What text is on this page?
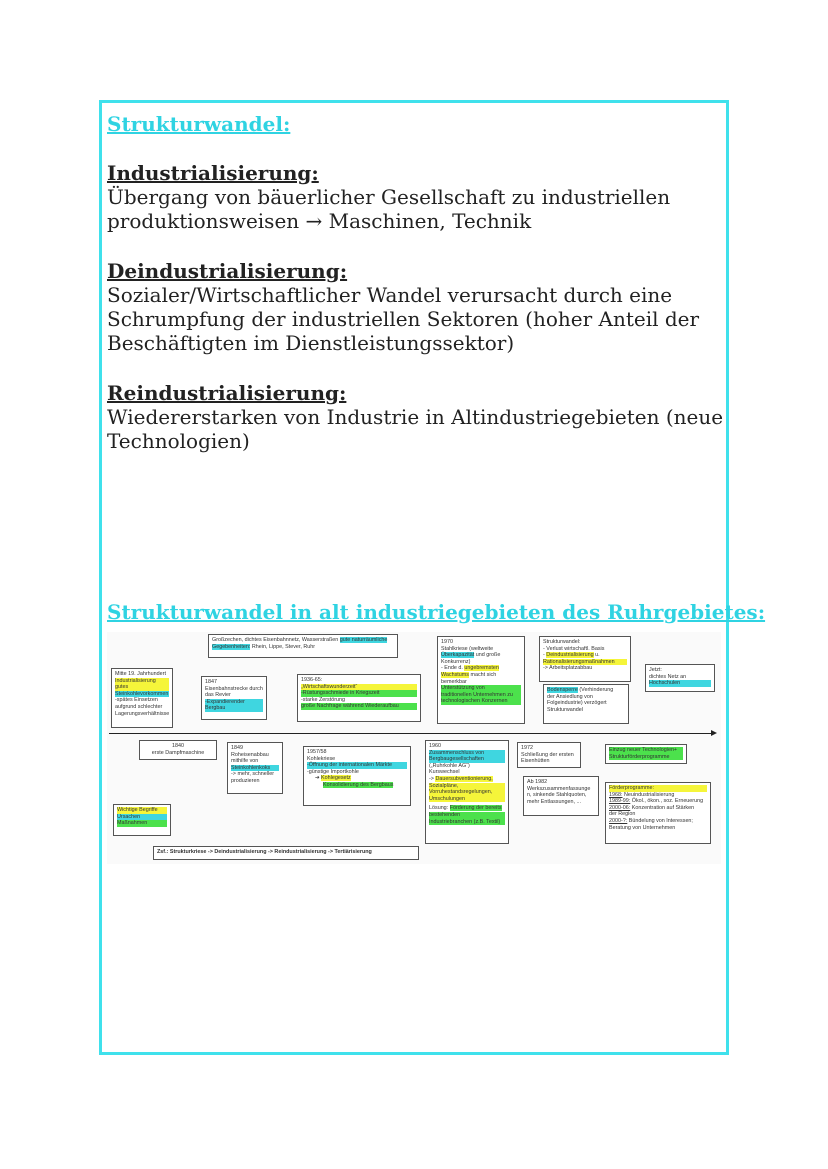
Strukturwandel:
Industrialisierung:
Übergang von bäuerlicher Gesellschaft zu industriellen
produktionsweisen → Maschinen, Technik
Deindustrialisierung:
Sozialer/Wirtschaftlicher Wandel verursacht durch eine
Schrumpfung der industriellen Sektoren (hoher Anteil der
Beschäftigten im Dienstleistungssektor)
Reindustrialisierung:
Wiedererstarken von Industrie in Altindustriegebieten (neue
Technologien)
Strukturwandel in alt industriegebieten des Ruhrgebietes:
Großzechen, dichtes Eisenbahnnetz, Wasserstraßen gute naturräumliche
Gegebenheiten: Rhein, Lippe, Stever, Ruhr
Mitte 19. Jahrhundert
Industrialisierung
gutes
Steinkohlevorkommen
-spätes Einsetzen
aufgrund schlechter
Lagerungsverhältnisse
1847
Eisenbahnstrecke durch
das Revier
-Expandierender
Bergbau
1936-65:
„Wirtschaftswunderzeit“
-Rüstungsschmiede in Kriegszeit
-starke Zerstörung
große Nachfrage während Wiederaufbau
1970
Stahlkriese (weltweite
Überkapazität und große
Konkurrenz)
- Ende d. ungebremsten
Wachstums macht sich
bemerkbar
Unterstützung von
traditionellen Unternehmen zu
technologischen Konzernen
Strukturwandel:
- Verlust wirtschaftl. Basis
- Deindustrialisierung u.
Rationalisierungsmaßnahmen
-> Arbeitsplatzabbau	Jetzt:
dichtes Netz an
Hochschulen
Bodensperre (Verhinderung
der Ansiedlung von
Folgeindustrie) verzögert
Strukturwandel
1840
erste Dampfmaschine
1849
Roheisenabbau
mithilfe von
Steinkohlenkoks
-> mehr, schneller
produzieren
1957/58
Kohlekriese
-Öffnung der internationalen Märkte
-günstige Importkohle
➔ Kohlegesetz
Konsolidierung des Bergbaus
1960
Zusammenschluss von
Bergbaugesellschaften
(„Ruhrkohle AG“)
Kurswechsel
-> Dauersubventionierung,
Sozialpläne,
Vorruhestandsregelungen,
Umschulungen
Lösung: Förderung der bereits
bestehenden
Industriebranchen (z.B. Textil)
1972
Schließung der ersten
Eisenhütten
Ab 1982
Werkszusammenfassunge
n, sinkende Stahlquoten,
mehr Entlassungen, ...
Einzug neuer Technologien+
Strukturförderprogramme
Förderprogramme:
1968: Neuindustrialisierung
1989-99: Ökol., ökon., soz. Erneuerung
2000-06: Konzentration auf Stärken
der Region
2000-?: Bündelung von Interessen;
Beratung von Unternehmen
Wichtige Begriffe
Ursachen
Maßnahmen
Zsf.: Strukturkriese -> Deindustrialisierung -> Reindustrialisierung -> Tertiärisierung
